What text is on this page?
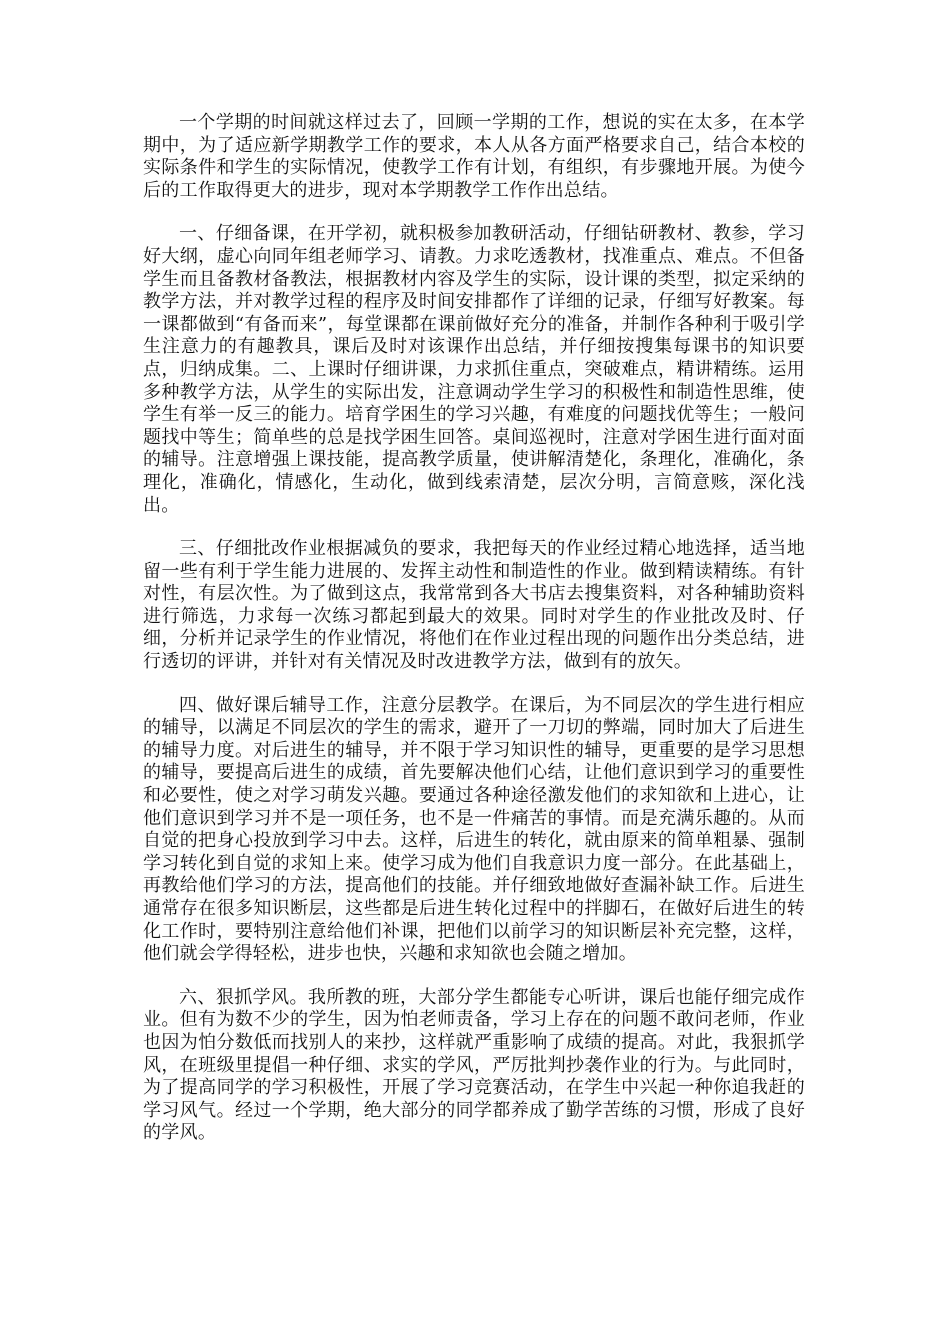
一个学期的时间就这样过去了，回顾一学期的工作，想说的实在太多，在本学期中，为了适应新学期教学工作的要求，本人从各方面严格要求自己，结合本校的实际条件和学生的实际情况，使教学工作有计划，有组织，有步骤地开展。为使今后的工作取得更大的进步，现对本学期教学工作作出总结。

一、仔细备课，在开学初，就积极参加教研活动，仔细钻研教材、教参，学习好大纲，虚心向同年组老师学习、请教。力求吃透教材，找准重点、难点。不但备学生而且备教材备教法，根据教材内容及学生的实际，设计课的类型，拟定采纳的教学方法，并对教学过程的程序及时间安排都作了详细的记录，仔细写好教案。每一课都做到“有备而来”，每堂课都在课前做好充分的准备，并制作各种利于吸引学生注意力的有趣教具，课后及时对该课作出总结，并仔细按搜集每课书的知识要点，归纳成集。二、上课时仔细讲课，力求抓住重点，突破难点，精讲精练。运用多种教学方法，从学生的实际出发，注意调动学生学习的积极性和制造性思维，使学生有举一反三的能力。培育学困生的学习兴趣，有难度的问题找优等生；一般问题找中等生；简单些的总是找学困生回答。桌间巡视时，注意对学困生进行面对面的辅导。注意增强上课技能，提高教学质量，使讲解清楚化，条理化，准确化，条理化，准确化，情感化，生动化，做到线索清楚，层次分明，言简意赅，深化浅出。

三、仔细批改作业根据减负的要求，我把每天的作业经过精心地选择，适当地留一些有利于学生能力进展的、发挥主动性和制造性的作业。做到精读精练。有针对性，有层次性。为了做到这点，我常常到各大书店去搜集资料，对各种辅助资料进行筛选，力求每一次练习都起到最大的效果。同时对学生的作业批改及时、仔细，分析并记录学生的作业情况，将他们在作业过程出现的问题作出分类总结，进行透切的评讲，并针对有关情况及时改进教学方法，做到有的放矢。

四、做好课后辅导工作，注意分层教学。在课后，为不同层次的学生进行相应的辅导，以满足不同层次的学生的需求，避开了一刀切的弊端，同时加大了后进生的辅导力度。对后进生的辅导，并不限于学习知识性的辅导，更重要的是学习思想的辅导，要提高后进生的成绩，首先要解决他们心结，让他们意识到学习的重要性和必要性，使之对学习萌发兴趣。要通过各种途径激发他们的求知欲和上进心，让他们意识到学习并不是一项任务，也不是一件痛苦的事情。而是充满乐趣的。从而自觉的把身心投放到学习中去。这样，后进生的转化，就由原来的简单粗暴、强制学习转化到自觉的求知上来。使学习成为他们自我意识力度一部分。在此基础上，再教给他们学习的方法，提高他们的技能。并仔细致地做好查漏补缺工作。后进生通常存在很多知识断层，这些都是后进生转化过程中的拌脚石，在做好后进生的转化工作时，要特别注意给他们补课，把他们以前学习的知识断层补充完整，这样，他们就会学得轻松，进步也快，兴趣和求知欲也会随之增加。

六、狠抓学风。我所教的班，大部分学生都能专心听讲，课后也能仔细完成作业。但有为数不少的学生，因为怕老师责备，学习上存在的问题不敢问老师，作业也因为怕分数低而找别人的来抄，这样就严重影响了成绩的提高。对此，我狠抓学风，在班级里提倡一种仔细、求实的学风，严厉批判抄袭作业的行为。与此同时，为了提高同学的学习积极性，开展了学习竞赛活动，在学生中兴起一种你追我赶的学习风气。经过一个学期，绝大部分的同学都养成了勤学苦练的习惯，形成了良好的学风。
